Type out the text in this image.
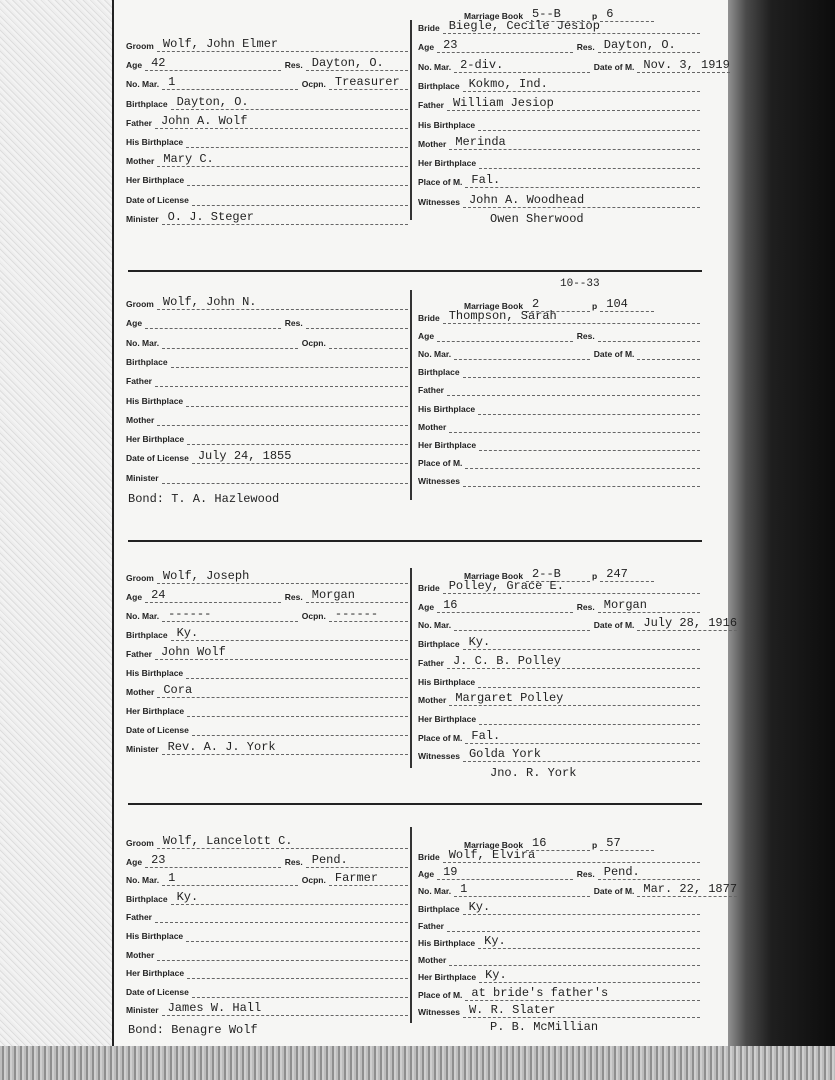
Groom Wolf, John Elmer
Age 42	Res. Dayton, O.
No. Mar. 1	Ocpn. Treasurer
Birthplace Dayton, O.
Father John A. Wolf
His Birthplace
Mother Mary C.
Her Birthplace
Date of License
Minister O. J. Steger
Marriage Book 5--B	p 6
Bride Biegle, Cecile Jesiop
Age 23	Res. Dayton, O.
No. Mar. 2-div.	Date of M. Nov. 3, 1919
Birthplace Kokmo, Ind.
Father William Jesiop
His Birthplace
Mother Merinda
Her Birthplace
Place of M. Fal.
Witnesses John A. Woodhead
Owen Sherwood
Groom Wolf, John N.
Age	Res.
No. Mar.	Ocpn.
Birthplace
Father
His Birthplace
Mother
Her Birthplace
Date of License July 24, 1855
Minister
Bond: T. A. Hazlewood
Marriage Book 2	p 104
10--33
Bride Thompson, Sarah
Age	Res.
No. Mar.	Date of M.
Birthplace
Father
His Birthplace
Mother
Her Birthplace
Place of M.
Witnesses
Groom Wolf, Joseph
Age 24	Res. Morgan
No. Mar. ------	Ocpn. ------
Birthplace Ky.
Father John Wolf
His Birthplace
Mother Cora
Her Birthplace
Date of License
Minister Rev. A. J. York
Marriage Book 2--B	p 247
Bride Polley, Grace E.
Age 16	Res. Morgan
No. Mar.	Date of M. July 28, 1916
Birthplace Ky.
Father J. C. B. Polley
His Birthplace
Mother Margaret Polley
Her Birthplace
Place of M. Fal.
Witnesses Golda York
Jno. R. York
Groom Wolf, Lancelott C.
Age 23	Res. Pend.
No. Mar. 1	Ocpn. Farmer
Birthplace Ky.
Father
His Birthplace
Mother
Her Birthplace
Date of License
Minister James W. Hall
Bond: Benagre Wolf
Marriage Book 16	p 57
Bride Wolf, Elvira
Age 19	Res. Pend.
No. Mar. 1	Date of M. Mar. 22, 1877
Birthplace Ky.
Father
His Birthplace Ky.
Mother
Her Birthplace Ky.
Place of M. at bride's father's
Witnesses W. R. Slater
P. B. McMillian
